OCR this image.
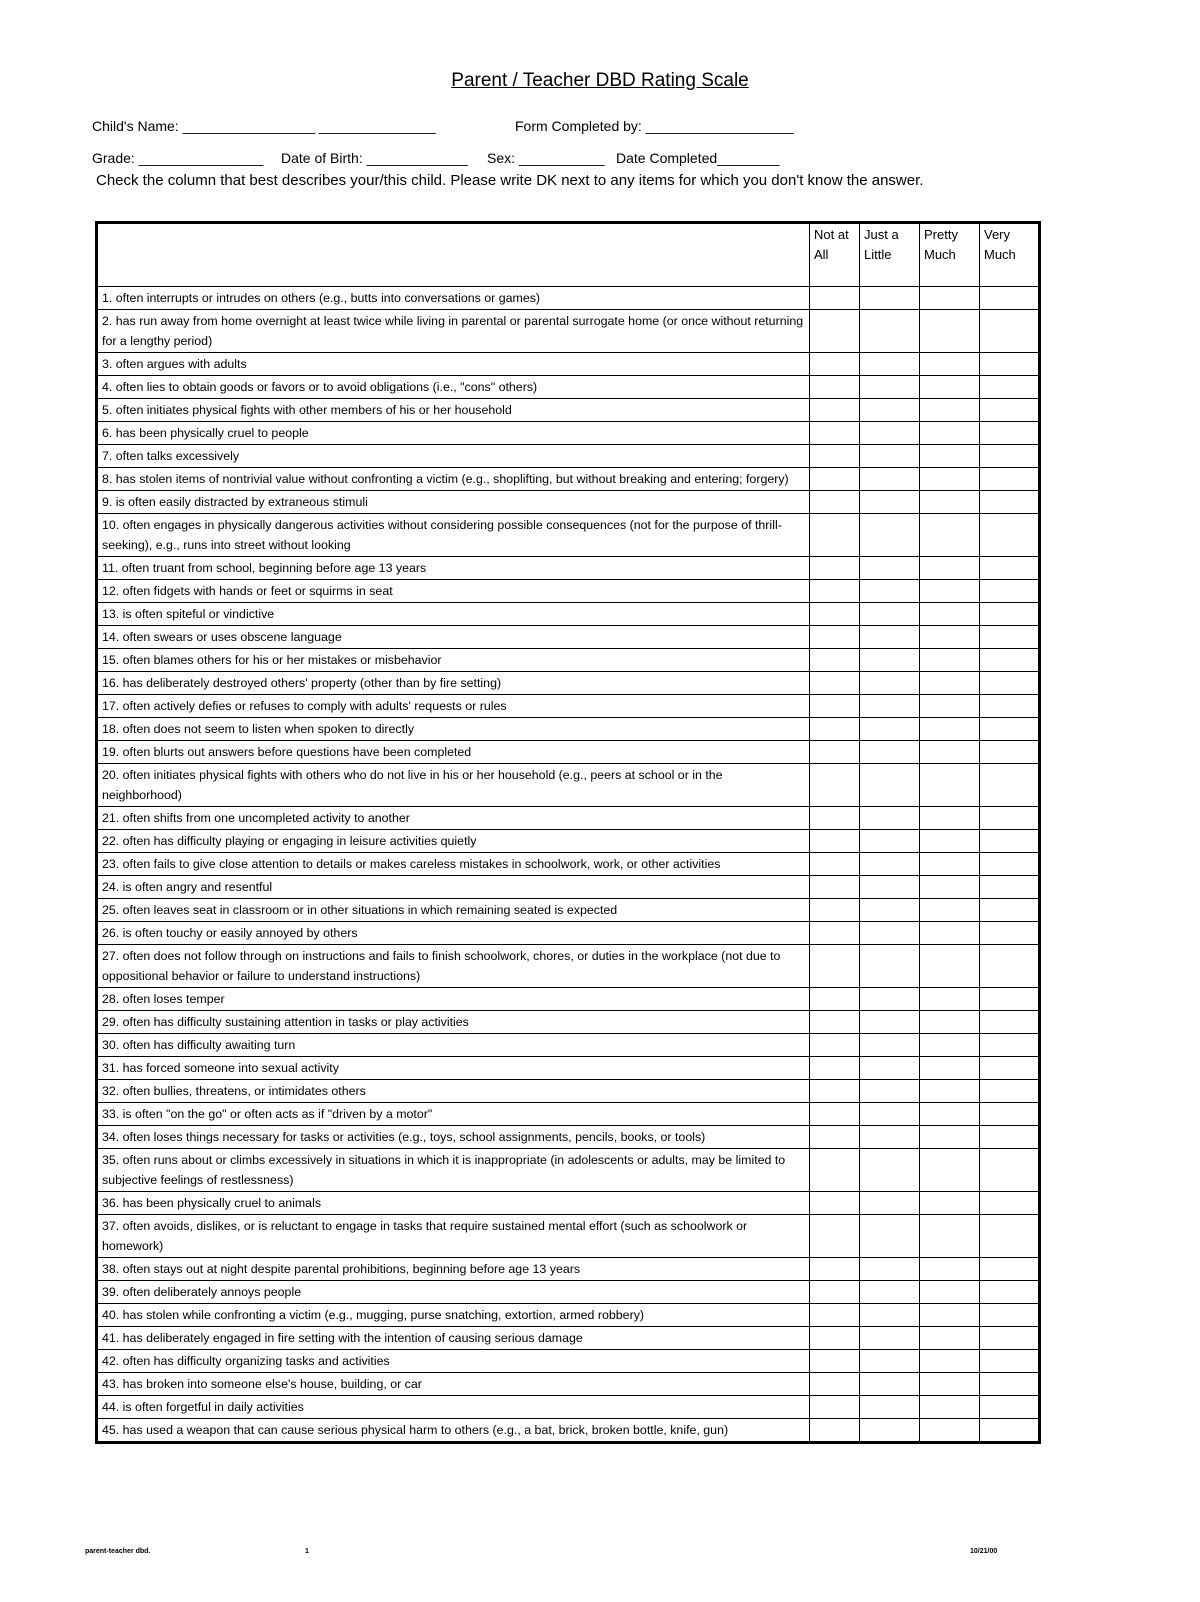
Parent / Teacher DBD Rating Scale
Child's Name: _________________ _______________	Form Completed by: ___________________
Grade: ________________ Date of Birth: _____________ Sex: ___________ Date Completed________
Check the column that best describes your/this child. Please write DK next to any items for which you don't know the answer.
	Not at All	Just a Little	Pretty Much	Very Much
1. often interrupts or intrudes on others (e.g., butts into conversations or games)				
2. has run away from home overnight at least twice while living in parental or parental surrogate home (or once without returning for a lengthy period)				
3. often argues with adults				
4. often lies to obtain goods or favors or to avoid obligations (i.e., "cons" others)				
5. often initiates physical fights with other members of his or her household				
6. has been physically cruel to people				
7. often talks excessively				
8. has stolen items of nontrivial value without confronting a victim (e.g., shoplifting, but without breaking and entering; forgery)				
9. is often easily distracted by extraneous stimuli				
10. often engages in physically dangerous activities without considering possible consequences (not for the purpose of thrill-seeking), e.g., runs into street without looking				
11. often truant from school, beginning before age 13 years				
12. often fidgets with hands or feet or squirms in seat				
13. is often spiteful or vindictive				
14. often swears or uses obscene language				
15. often blames others for his or her mistakes or misbehavior				
16. has deliberately destroyed others' property (other than by fire setting)				
17. often actively defies or refuses to comply with adults' requests or rules				
18. often does not seem to listen when spoken to directly				
19. often blurts out answers before questions have been completed				
20. often initiates physical fights with others who do not live in his or her household (e.g., peers at school or in the neighborhood)				
21. often shifts from one uncompleted activity to another				
22. often has difficulty playing or engaging in leisure activities quietly				
23. often fails to give close attention to details or makes careless mistakes in schoolwork, work, or other activities				
24. is often angry and resentful				
25. often leaves seat in classroom or in other situations in which remaining seated is expected				
26. is often touchy or easily annoyed by others				
27. often does not follow through on instructions and fails to finish schoolwork, chores, or duties in the workplace (not due to oppositional behavior or failure to understand instructions)				
28. often loses temper				
29. often has difficulty sustaining attention in tasks or play activities				
30. often has difficulty awaiting turn				
31. has forced someone into sexual activity				
32. often bullies, threatens, or intimidates others				
33. is often "on the go" or often acts as if "driven by a motor"				
34. often loses things necessary for tasks or activities (e.g., toys, school assignments, pencils, books, or tools)				
35. often runs about or climbs excessively in situations in which it is inappropriate (in adolescents or adults, may be limited to subjective feelings of restlessness)				
36. has been physically cruel to animals				
37. often avoids, dislikes, or is reluctant to engage in tasks that require sustained mental effort (such as schoolwork or homework)				
38. often stays out at night despite parental prohibitions, beginning before age 13 years				
39. often deliberately annoys people				
40. has stolen while confronting a victim (e.g., mugging, purse snatching, extortion, armed robbery)				
41. has deliberately engaged in fire setting with the intention of causing serious damage				
42. often has difficulty organizing tasks and activities				
43. has broken into someone else's house, building, or car				
44. is often forgetful in daily activities				
45. has used a weapon that can cause serious physical harm to others (e.g., a bat, brick, broken bottle, knife, gun)				
parent-teacher dbd.	1	10/21/00
